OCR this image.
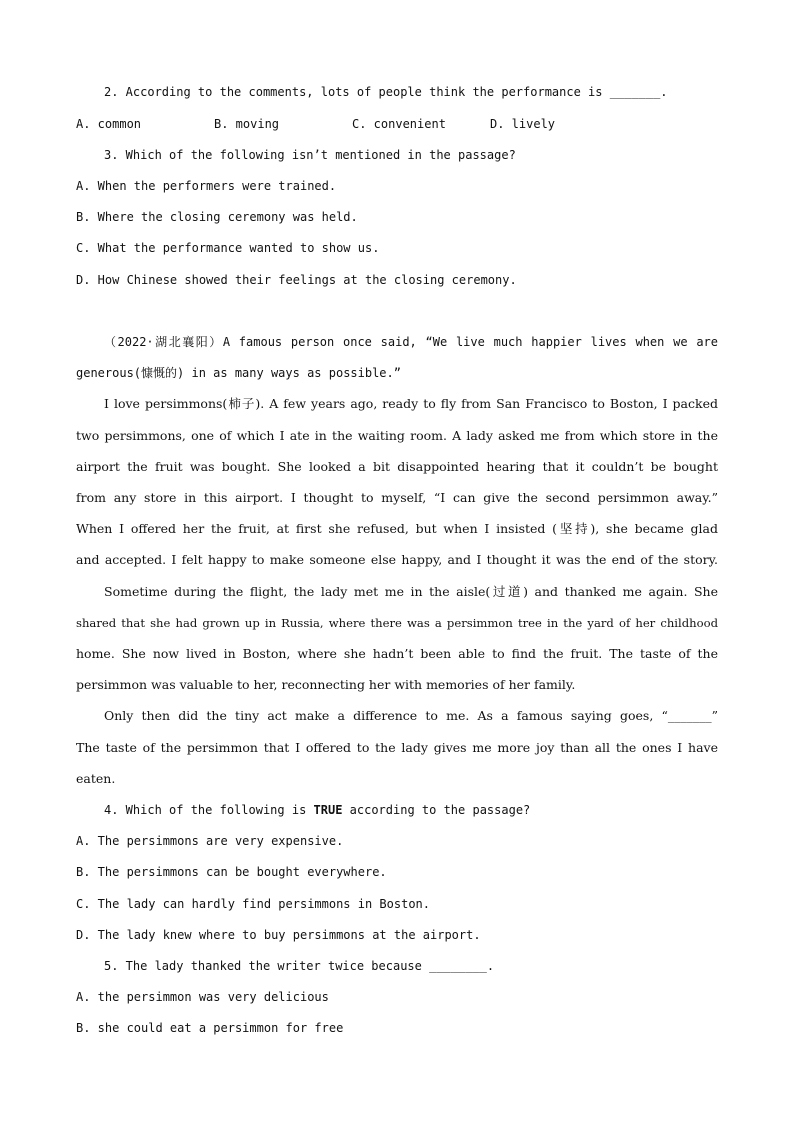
2. According to the comments, lots of people think the performance is _______.
A. common	B. moving	C. convenient	D. lively
3. Which of the following isn’t mentioned in the passage?
A. When the performers were trained.
B. Where the closing ceremony was held.
C. What the performance wanted to show us.
D. How Chinese showed their feelings at the closing ceremony.
（2022·湖北襄阳）A famous person once said, “We live much happier lives when we are
generous(慷慨的) in as many ways as possible.”
I love persimmons(柿子). A few years ago, ready to fly from San Francisco to Boston, I packed
two persimmons, one of which I ate in the waiting room. A lady asked me from which store in the
airport the fruit was bought. She looked a bit disappointed hearing that it couldn’t be bought
from any store in this airport. I thought to myself, “I can give the second persimmon away.”
When I offered her the fruit, at first she refused, but when I insisted (坚持), she became glad
and accepted. I felt happy to make someone else happy, and I thought it was the end of the story.
Sometime during the flight, the lady met me in the aisle(过道) and thanked me again. She
shared that she had grown up in Russia, where there was a persimmon tree in the yard of her childhood
home. She now lived in Boston, where she hadn’t been able to find the fruit. The taste of the
persimmon was valuable to her, reconnecting her with memories of her family.
Only then did the tiny act make a difference to me. As a famous saying goes, “_______”
The taste of the persimmon that I offered to the lady gives me more joy than all the ones I have
eaten.
4. Which of the following is TRUE according to the passage?
A. The persimmons are very expensive.
B. The persimmons can be bought everywhere.
C. The lady can hardly find persimmons in Boston.
D. The lady knew where to buy persimmons at the airport.
5. The lady thanked the writer twice because ________.
A. the persimmon was very delicious
B. she could eat a persimmon for free
